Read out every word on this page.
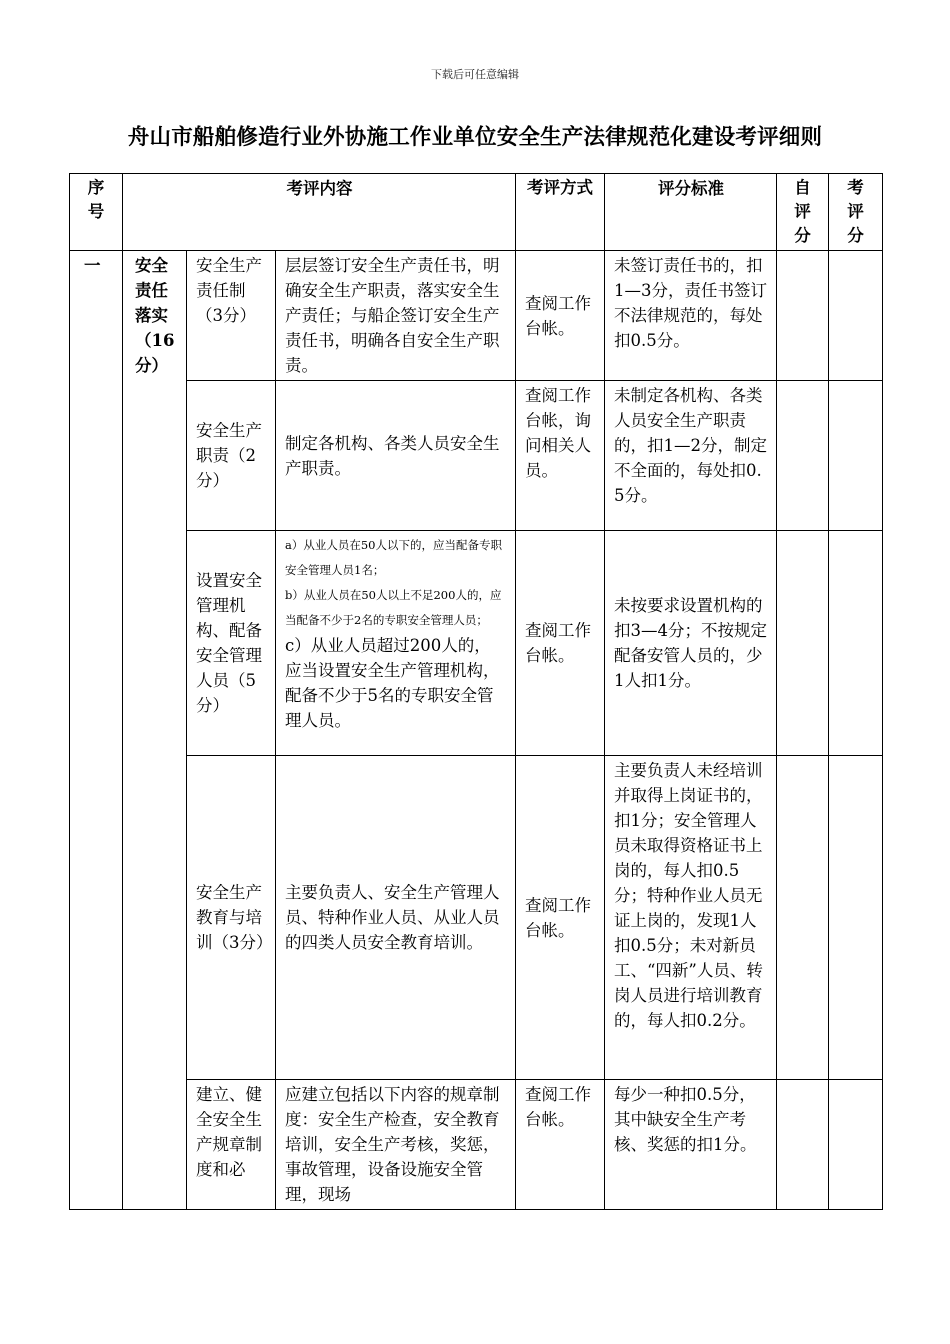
下载后可任意编辑
舟山市船舶修造行业外协施工作业单位安全生产法律规范化建设考评细则
序号	考评内容			考评方式	评分标准	自评分	考评分
一	安全责任落实（16分）	安全生产责任制（3分）	层层签订安全生产责任书，明确安全生产职责，落实安全生产责任；与船企签订安全生产责任书，明确各自安全生产职责。	查阅工作台帐。	未签订责任书的，扣1—3分，责任书签订不法律规范的，每处扣0.5分。		
		安全生产职责（2分）	制定各机构、各类人员安全生产职责。	查阅工作台帐，询问相关人员。	未制定各机构、各类人员安全生产职责的，扣1—2分，制定不全面的，每处扣0.5分。		
		设置安全管理机构、配备安全管理人员（5分）	a）从业人员在50人以下的，应当配备专职安全管理人员1名；
b）从业人员在50人以上不足200人的，应当配备不少于2名的专职安全管理人员；
c）从业人员超过200人的，应当设置安全生产管理机构，配备不少于5名的专职安全管理人员。	查阅工作台帐。	未按要求设置机构的扣3—4分；不按规定配备安管人员的，少1人扣1分。		
		安全生产教育与培训（3分）	主要负责人、安全生产管理人员、特种作业人员、从业人员的四类人员安全教育培训。	查阅工作台帐。	主要负责人未经培训并取得上岗证书的，扣1分；安全管理人员未取得资格证书上岗的，每人扣0.5分；特种作业人员无证上岗的，发现1人扣0.5分；未对新员工、“四新”人员、转岗人员进行培训教育的，每人扣0.2分。		
		建立、健全安全生产规章制度和必	应建立包括以下内容的规章制度：安全生产检查，安全教育培训，安全生产考核，奖惩，事故管理，设备设施安全管理，现场	查阅工作台帐。	每少一种扣0.5分，其中缺安全生产考核、奖惩的扣1分。		
